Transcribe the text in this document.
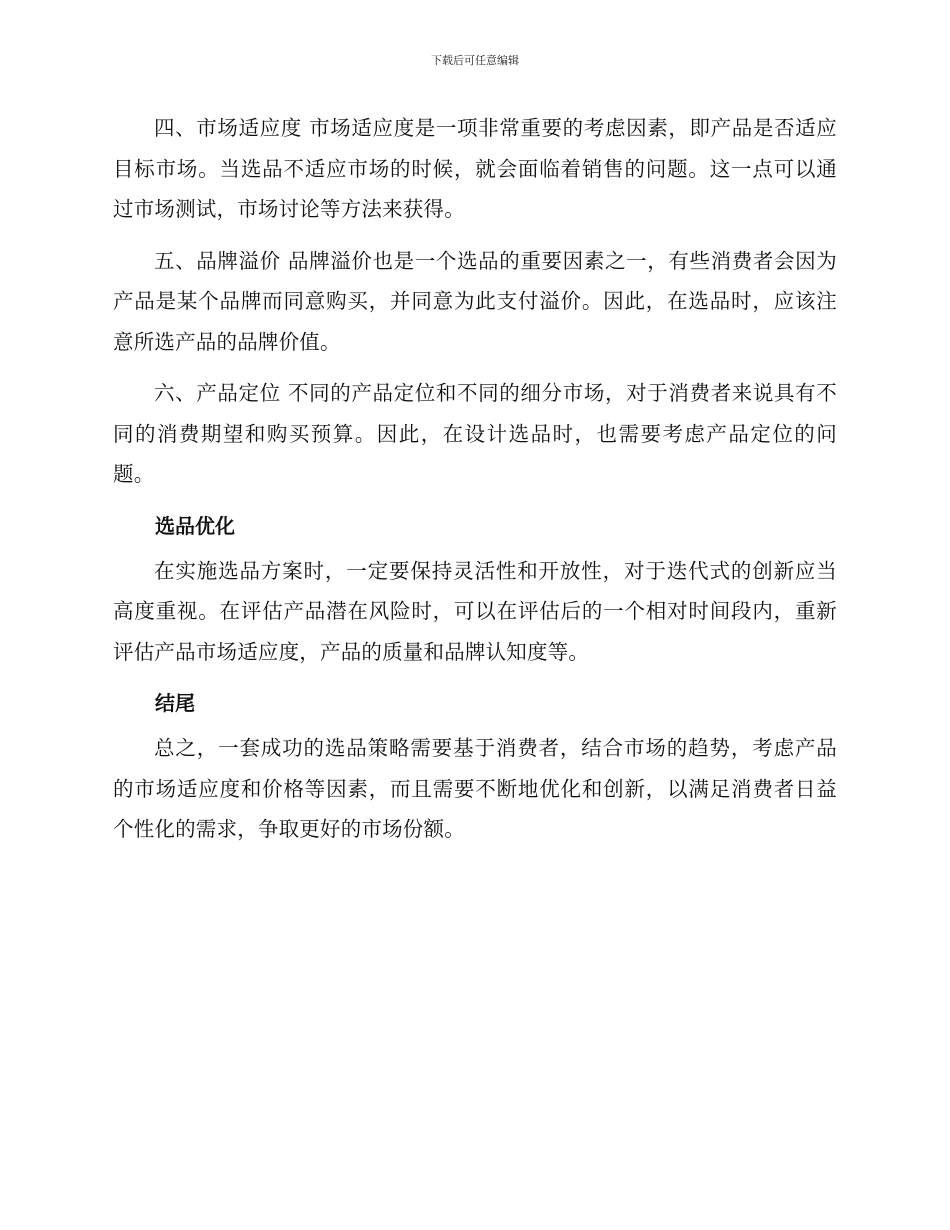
下载后可任意编辑

四、市场适应度 市场适应度是一项非常重要的考虑因素，即产品是否适应目标市场。当选品不适应市场的时候，就会面临着销售的问题。这一点可以通过市场测试，市场讨论等方法来获得。

五、品牌溢价 品牌溢价也是一个选品的重要因素之一，有些消费者会因为产品是某个品牌而同意购买，并同意为此支付溢价。因此，在选品时，应该注意所选产品的品牌价值。

六、产品定位 不同的产品定位和不同的细分市场，对于消费者来说具有不同的消费期望和购买预算。因此，在设计选品时，也需要考虑产品定位的问题。

选品优化

在实施选品方案时，一定要保持灵活性和开放性，对于迭代式的创新应当高度重视。在评估产品潜在风险时，可以在评估后的一个相对时间段内，重新评估产品市场适应度，产品的质量和品牌认知度等。

结尾

总之，一套成功的选品策略需要基于消费者，结合市场的趋势，考虑产品的市场适应度和价格等因素，而且需要不断地优化和创新，以满足消费者日益个性化的需求，争取更好的市场份额。
